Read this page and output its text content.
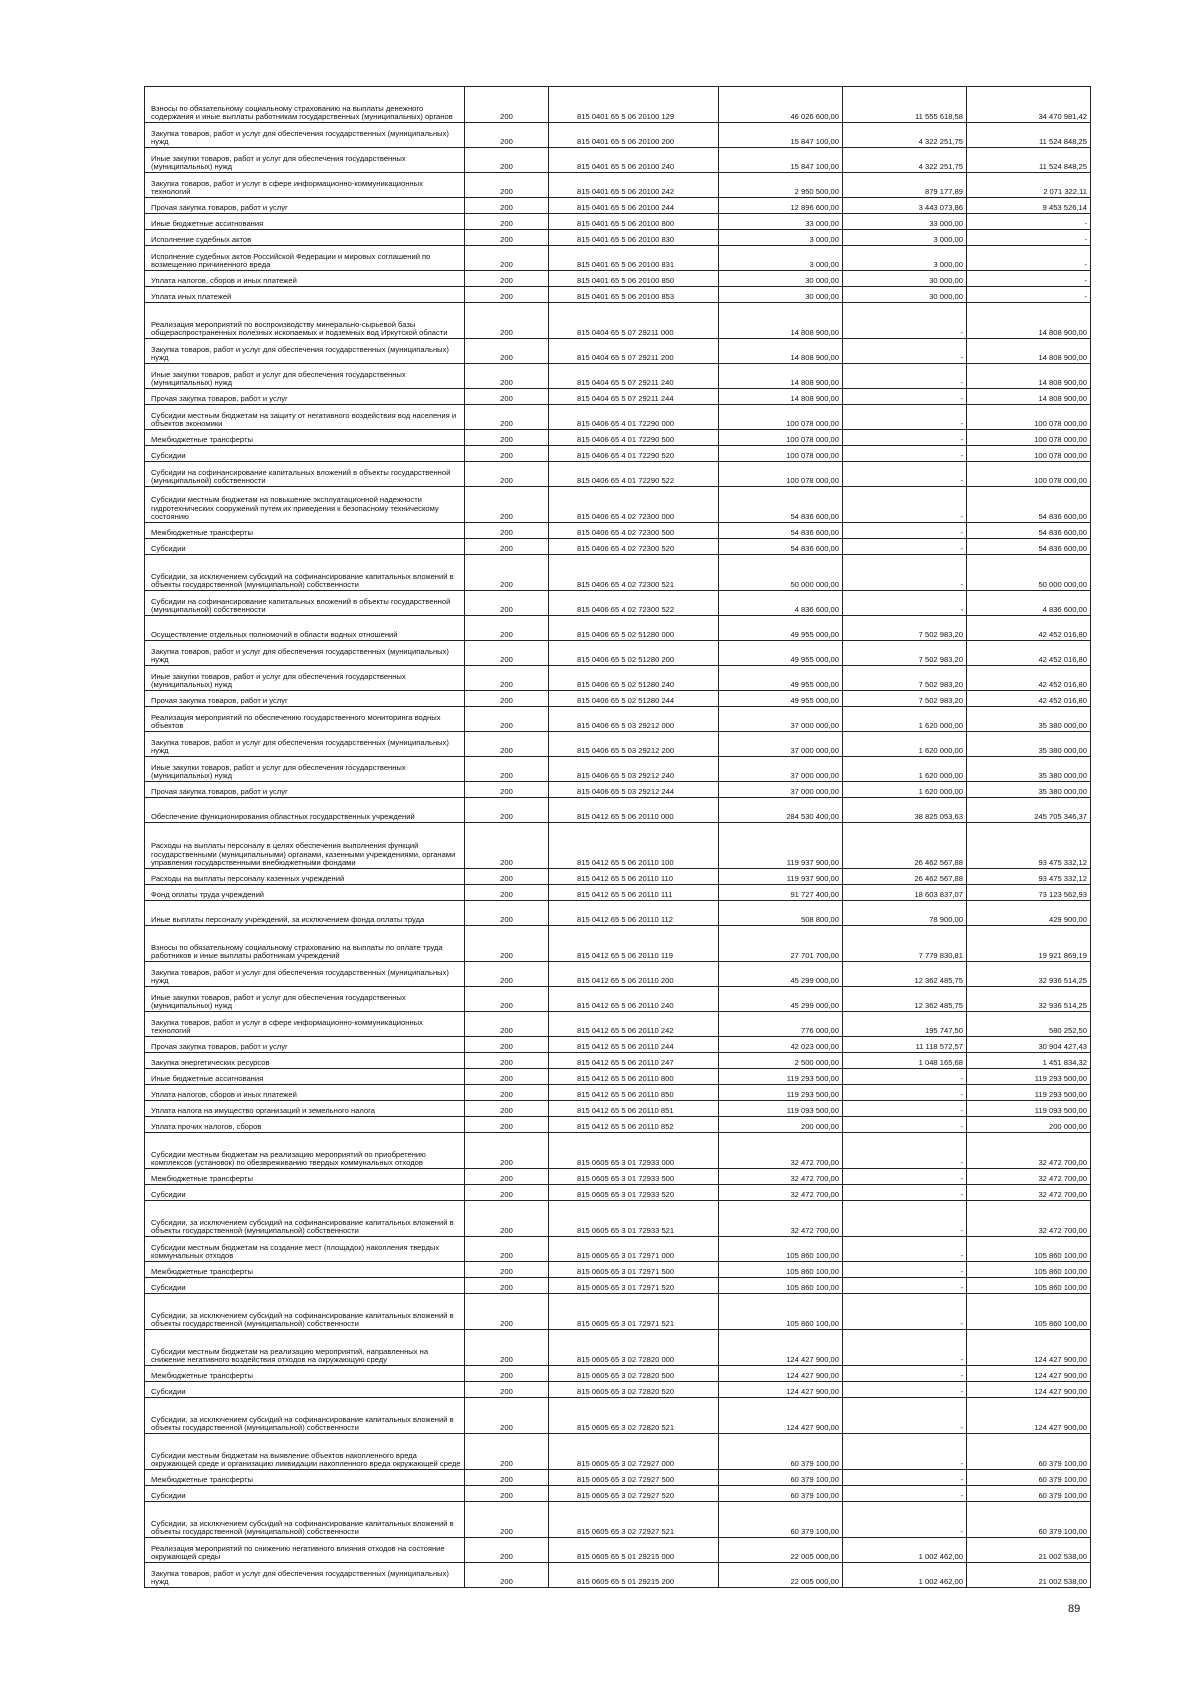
Взносы по обязательному социальному страхованию на выплаты денежного содержания и иные выплаты работникам государственных (муниципальных) органов	200	815 0401 65 5 06 20100 129	46 026 600,00	11 555 618,58	34 470 981,42
Закупка товаров, работ и услуг для обеспечения государственных (муниципальных) нужд	200	815 0401 65 5 06 20100 200	15 847 100,00	4 322 251,75	11 524 848,25
Иные закупки товаров, работ и услуг для обеспечения государственных (муниципальных) нужд	200	815 0401 65 5 06 20100 240	15 847 100,00	4 322 251,75	11 524 848,25
Закупка товаров, работ и услуг в сфере информационно-коммуникационных технологий	200	815 0401 65 5 06 20100 242	2 950 500,00	879 177,89	2 071 322,11
Прочая закупка товаров, работ и услуг	200	815 0401 65 5 06 20100 244	12 896 600,00	3 443 073,86	9 453 526,14
Иные бюджетные ассигнования	200	815 0401 65 5 06 20100 800	33 000,00	33 000,00	-
Исполнение судебных актов	200	815 0401 65 5 06 20100 830	3 000,00	3 000,00	-
Исполнение судебных актов Российской Федерации и мировых соглашений по возмещению причиненного вреда	200	815 0401 65 5 06 20100 831	3 000,00	3 000,00	-
Уплата налогов, сборов и иных платежей	200	815 0401 65 5 06 20100 850	30 000,00	30 000,00	-
Уплата иных платежей	200	815 0401 65 5 06 20100 853	30 000,00	30 000,00	-
Реализация мероприятий по воспроизводству минерально-сырьевой базы общераспространенных полезных ископаемых и подземных вод Иркутской области	200	815 0404 65 5 07 29211 000	14 808 900,00	-	14 808 900,00
Закупка товаров, работ и услуг для обеспечения государственных (муниципальных) нужд	200	815 0404 65 5 07 29211 200	14 808 900,00	-	14 808 900,00
Иные закупки товаров, работ и услуг для обеспечения государственных (муниципальных) нужд	200	815 0404 65 5 07 29211 240	14 808 900,00	-	14 808 900,00
Прочая закупка товаров, работ и услуг	200	815 0404 65 5 07 29211 244	14 808 900,00	-	14 808 900,00
Субсидии местным бюджетам на защиту от негативного воздействия вод населения и объектов экономики	200	815 0406 65 4 01 72290 000	100 078 000,00	-	100 078 000,00
Межбюджетные трансферты	200	815 0406 65 4 01 72290 500	100 078 000,00	-	100 078 000,00
Субсидии	200	815 0406 65 4 01 72290 520	100 078 000,00	-	100 078 000,00
Субсидии на софинансирование капитальных вложений в объекты государственной (муниципальной) собственности	200	815 0406 65 4 01 72290 522	100 078 000,00	-	100 078 000,00
Субсидии местным бюджетам на повышение эксплуатационной надежности гидротехнических сооружений путем их приведения к безопасному техническому состоянию	200	815 0406 65 4 02 72300 000	54 836 600,00	-	54 836 600,00
Межбюджетные трансферты	200	815 0406 65 4 02 72300 500	54 836 600,00	-	54 836 600,00
Субсидии	200	815 0406 65 4 02 72300 520	54 836 600,00	-	54 836 600,00
Субсидии, за исключением субсидий на софинансирование капитальных вложений в объекты государственной (муниципальной) собственности	200	815 0406 65 4 02 72300 521	50 000 000,00	-	50 000 000,00
Субсидии на софинансирование капитальных вложений в объекты государственной (муниципальной) собственности	200	815 0406 65 4 02 72300 522	4 836 600,00	-	4 836 600,00
Осуществление отдельных полномочий в области водных отношений	200	815 0406 65 5 02 51280 000	49 955 000,00	7 502 983,20	42 452 016,80
Закупка товаров, работ и услуг для обеспечения государственных (муниципальных) нужд	200	815 0406 65 5 02 51280 200	49 955 000,00	7 502 983,20	42 452 016,80
Иные закупки товаров, работ и услуг для обеспечения государственных (муниципальных) нужд	200	815 0406 65 5 02 51280 240	49 955 000,00	7 502 983,20	42 452 016,80
Прочая закупка товаров, работ и услуг	200	815 0406 65 5 02 51280 244	49 955 000,00	7 502 983,20	42 452 016,80
Реализация мероприятий по обеспечению государственного мониторинга водных объектов	200	815 0406 65 5 03 29212 000	37 000 000,00	1 620 000,00	35 380 000,00
Закупка товаров, работ и услуг для обеспечения государственных (муниципальных) нужд	200	815 0406 65 5 03 29212 200	37 000 000,00	1 620 000,00	35 380 000,00
Иные закупки товаров, работ и услуг для обеспечения государственных (муниципальных) нужд	200	815 0406 65 5 03 29212 240	37 000 000,00	1 620 000,00	35 380 000,00
Прочая закупка товаров, работ и услуг	200	815 0406 65 5 03 29212 244	37 000 000,00	1 620 000,00	35 380 000,00
Обеспечение функционирования областных государственных учреждений	200	815 0412 65 5 06 20110 000	284 530 400,00	38 825 053,63	245 705 346,37
Расходы на выплаты персоналу в целях обеспечения выполнения функций государственными (муниципальными) органами, казенными учреждениями, органами управления государственными внебюджетными фондами	200	815 0412 65 5 06 20110 100	119 937 900,00	26 462 567,88	93 475 332,12
Расходы на выплаты персоналу казенных учреждений	200	815 0412 65 5 06 20110 110	119 937 900,00	26 462 567,88	93 475 332,12
Фонд оплаты труда учреждений	200	815 0412 65 5 06 20110 111	91 727 400,00	18 603 837,07	73 123 562,93
Иные выплаты персоналу учреждений, за исключением фонда оплаты труда	200	815 0412 65 5 06 20110 112	508 800,00	78 900,00	429 900,00
Взносы по обязательному социальному страхованию на выплаты по оплате труда работников и иные выплаты работникам учреждений	200	815 0412 65 5 06 20110 119	27 701 700,00	7 779 830,81	19 921 869,19
Закупка товаров, работ и услуг для обеспечения государственных (муниципальных) нужд	200	815 0412 65 5 06 20110 200	45 299 000,00	12 362 485,75	32 936 514,25
Иные закупки товаров, работ и услуг для обеспечения государственных (муниципальных) нужд	200	815 0412 65 5 06 20110 240	45 299 000,00	12 362 485,75	32 936 514,25
Закупка товаров, работ и услуг в сфере информационно-коммуникационных технологий	200	815 0412 65 5 06 20110 242	776 000,00	195 747,50	580 252,50
Прочая закупка товаров, работ и услуг	200	815 0412 65 5 06 20110 244	42 023 000,00	11 118 572,57	30 904 427,43
Закупка энергетических ресурсов	200	815 0412 65 5 06 20110 247	2 500 000,00	1 048 165,68	1 451 834,32
Иные бюджетные ассигнования	200	815 0412 65 5 06 20110 800	119 293 500,00	-	119 293 500,00
Уплата налогов, сборов и иных платежей	200	815 0412 65 5 06 20110 850	119 293 500,00	-	119 293 500,00
Уплата налога на имущество организаций и земельного налога	200	815 0412 65 5 06 20110 851	119 093 500,00	-	119 093 500,00
Уплата прочих налогов, сборов	200	815 0412 65 5 06 20110 852	200 000,00	-	200 000,00
Субсидии местным бюджетам на реализацию мероприятий по приобретению комплексов (установок) по обезвреживанию твердых коммунальных отходов	200	815 0605 65 3 01 72933 000	32 472 700,00	-	32 472 700,00
Межбюджетные трансферты	200	815 0605 65 3 01 72933 500	32 472 700,00	-	32 472 700,00
Субсидии	200	815 0605 65 3 01 72933 520	32 472 700,00	-	32 472 700,00
Субсидии, за исключением субсидий на софинансирование капитальных вложений в объекты государственной (муниципальной) собственности	200	815 0605 65 3 01 72933 521	32 472 700,00	-	32 472 700,00
Субсидии местным бюджетам на создание мест (площадок) накопления твердых коммунальных отходов	200	815 0605 65 3 01 72971 000	105 860 100,00	-	105 860 100,00
Межбюджетные трансферты	200	815 0605 65 3 01 72971 500	105 860 100,00	-	105 860 100,00
Субсидии	200	815 0605 65 3 01 72971 520	105 860 100,00	-	105 860 100,00
Субсидии, за исключением субсидий на софинансирование капитальных вложений в объекты государственной (муниципальной) собственности	200	815 0605 65 3 01 72971 521	105 860 100,00	-	105 860 100,00
Субсидии местным бюджетам на реализацию мероприятий, направленных на снижение негативного воздействия отходов на окружающую среду	200	815 0605 65 3 02 72820 000	124 427 900,00	-	124 427 900,00
Межбюджетные трансферты	200	815 0605 65 3 02 72820 500	124 427 900,00	-	124 427 900,00
Субсидии	200	815 0605 65 3 02 72820 520	124 427 900,00	-	124 427 900,00
Субсидии, за исключением субсидий на софинансирование капитальных вложений в объекты государственной (муниципальной) собственности	200	815 0605 65 3 02 72820 521	124 427 900,00	-	124 427 900,00
Субсидии местным бюджетам на выявление объектов накопленного вреда окружающей среде и организацию ликвидации накопленного вреда окружающей среде	200	815 0605 65 3 02 72927 000	60 379 100,00	-	60 379 100,00
Межбюджетные трансферты	200	815 0605 65 3 02 72927 500	60 379 100,00	-	60 379 100,00
Субсидии	200	815 0605 65 3 02 72927 520	60 379 100,00	-	60 379 100,00
Субсидии, за исключением субсидий на софинансирование капитальных вложений в объекты государственной (муниципальной) собственности	200	815 0605 65 3 02 72927 521	60 379 100,00	-	60 379 100,00
Реализация мероприятий по снижению негативного влияния отходов на состояние окружающей среды	200	815 0605 65 5 01 29215 000	22 005 000,00	1 002 462,00	21 002 538,00
Закупка товаров, работ и услуг для обеспечения государственных (муниципальных) нужд	200	815 0605 65 5 01 29215 200	22 005 000,00	1 002 462,00	21 002 538,00
89
